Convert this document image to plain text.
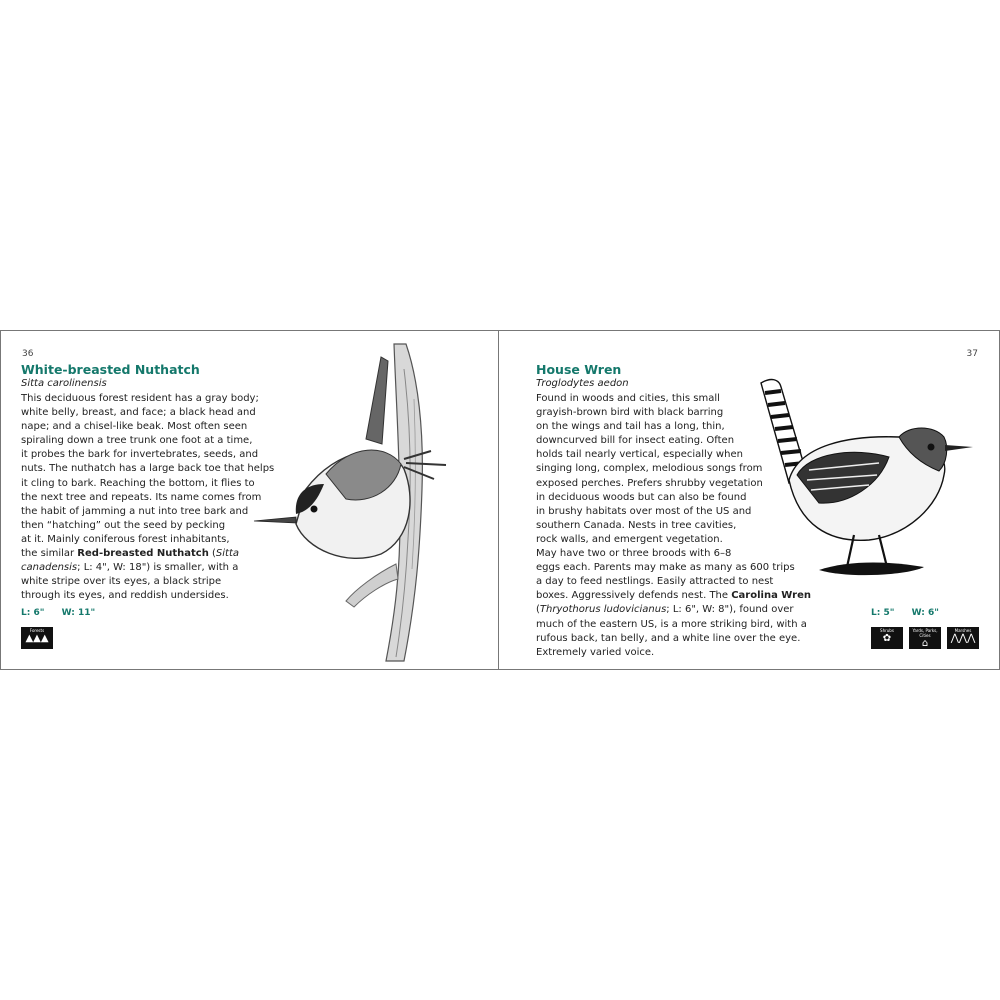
36
White-breasted Nuthatch
Sitta carolinensis
This deciduous forest resident has a gray body;
white belly, breast, and face; a black head and
nape; and a chisel-like beak. Most often seen
spiraling down a tree trunk one foot at a time,
it probes the bark for invertebrates, seeds, and
nuts. The nuthatch has a large back toe that helps
it cling to bark. Reaching the bottom, it flies to
the next tree and repeats. Its name comes from
the habit of jamming a nut into tree bark and
then “hatching” out the seed by pecking
at it. Mainly coniferous forest inhabitants,
the similar Red-breasted Nuthatch (Sitta
canadensis; L: 4", W: 18") is smaller, with a
white stripe over its eyes, a black stripe
through its eyes, and reddish undersides.
L: 6" W: 11"
Forests
▲▲▲
37
House Wren
Troglodytes aedon
Found in woods and cities, this small
grayish-brown bird with black barring
on the wings and tail has a long, thin,
downcurved bill for insect eating. Often
holds tail nearly vertical, especially when
singing long, complex, melodious songs from
exposed perches. Prefers shrubby vegetation
in deciduous woods but can also be found
in brushy habitats over most of the US and
southern Canada. Nests in tree cavities,
rock walls, and emergent vegetation.
May have two or three broods with 6–8
eggs each. Parents may make as many as 600 trips
a day to feed nestlings. Easily attracted to nest
boxes. Aggressively defends nest. The Carolina Wren
(Thryothorus ludovicianus; L: 6", W: 8"), found over
much of the eastern US, is a more striking bird, with a
rufous back, tan belly, and a white line over the eye.
Extremely varied voice.
L: 5" W: 6"
Shrubs
✿
Yards, Parks, Cities
⌂
Marshes
⋀⋀⋀
